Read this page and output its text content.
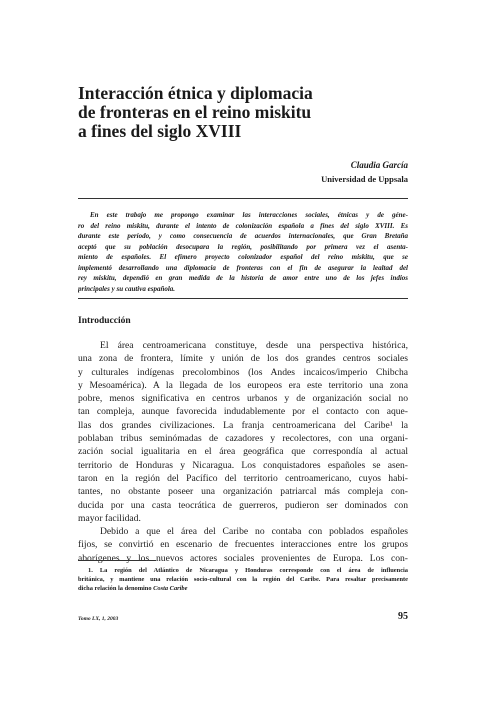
Interacción étnica y diplomacia
de fronteras en el reino miskitu
a fines del siglo XVIII
Claudia García
Universidad de Uppsala
En este trabajo me propongo examinar las interacciones sociales, étnicas y de géne-
ro del reino miskitu, durante el intento de colonización española a fines del siglo XVIII. Es
durante este período, y como consecuencia de acuerdos internacionales, que Gran Bretaña
aceptó que su población desocupara la región, posibilitando por primera vez el asenta-
miento de españoles. El efímero proyecto colonizador español del reino miskitu, que se
implementó desarrollando una diplomacia de fronteras con el fin de asegurar la lealtad del
rey miskitu, dependió en gran medida de la historia de amor entre uno de los jefes indios
principales y su cautiva española.
Introducción
El área centroamericana constituye, desde una perspectiva histórica,
una zona de frontera, límite y unión de los dos grandes centros sociales
y culturales indígenas precolombinos (los Andes incaicos/imperio Chibcha
y Mesoamérica). A la llegada de los europeos era este territorio una zona
pobre, menos significativa en centros urbanos y de organización social no
tan compleja, aunque favorecida indudablemente por el contacto con aque-
llas dos grandes civilizaciones. La franja centroamericana del Caribe¹ la
poblaban tribus seminómadas de cazadores y recolectores, con una organi-
zación social igualitaria en el área geográfica que correspondía al actual
territorio de Honduras y Nicaragua. Los conquistadores españoles se asen-
taron en la región del Pacífico del territorio centroamericano, cuyos habi-
tantes, no obstante poseer una organización patriarcal más compleja con-
ducida por una casta teocrática de guerreros, pudieron ser dominados con
mayor facilidad.
Debido a que el área del Caribe no contaba con poblados españoles
fijos, se convirtió en escenario de frecuentes interacciones entre los grupos
aborígenes y los nuevos actores sociales provenientes de Europa. Los con-
1. La región del Atlántico de Nicaragua y Honduras corresponde con el área de influencia
británica, y mantiene una relación socio-cultural con la región del Caribe. Para resaltar precisamente
dicha relación la denomino Costa Caribe
Tomo LX, 1, 2003	95
